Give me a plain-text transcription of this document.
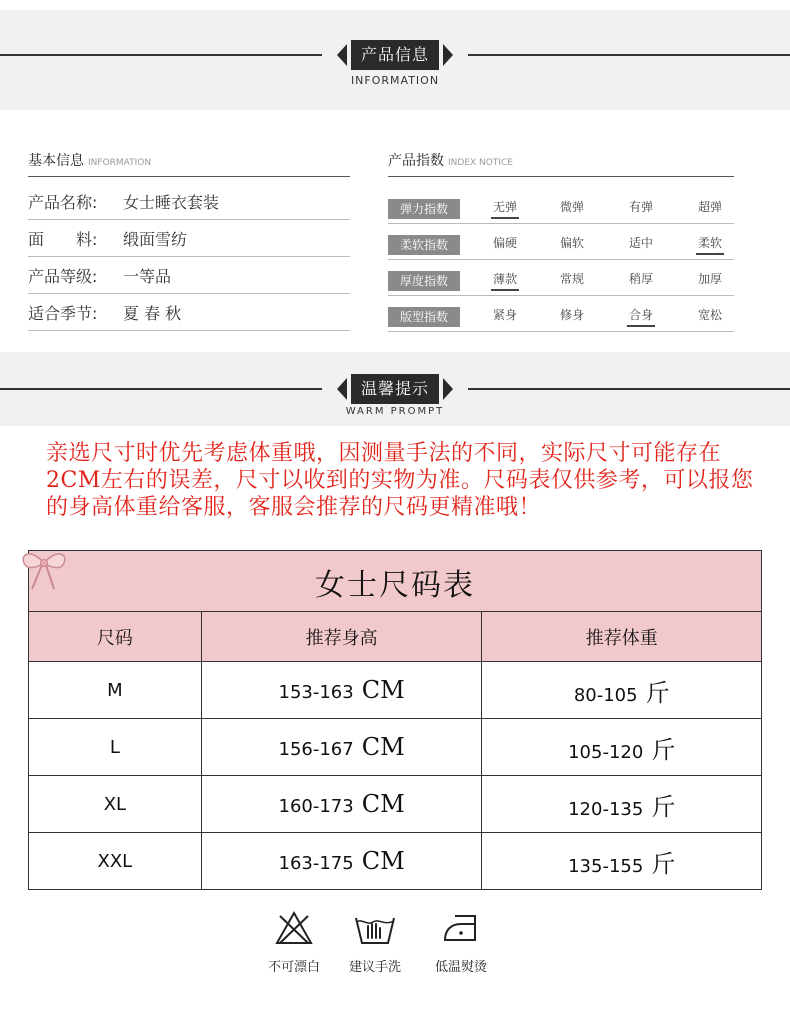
产品信息
INFORMATION
基本信息 INFORMATION
产品名称:	女士睡衣套装
面　　料:	缎面雪纺
产品等级:	一等品
适合季节:	夏 春 秋
产品指数 INDEX NOTICE
弹力指数	无弹	微弹	有弹	超弹
柔软指数	偏硬	偏软	适中	柔软
厚度指数	薄款	常规	稍厚	加厚
版型指数	紧身	修身	合身	宽松
温馨提示
WARM PROMPT
亲选尺寸时优先考虑体重哦，因测量手法的不同，实际尺寸可能存在2CM左右的误差，尺寸以收到的实物为准。尺码表仅供参考，可以报您的身高体重给客服，客服会推荐的尺码更精准哦！
女士尺码表
尺码	推荐身高	推荐体重
M	153-163 CM	80-105 斤
L	156-167 CM	105-120 斤
XL	160-173 CM	120-135 斤
XXL	163-175 CM	135-155 斤
不可漂白	建议手洗	低温熨烫
